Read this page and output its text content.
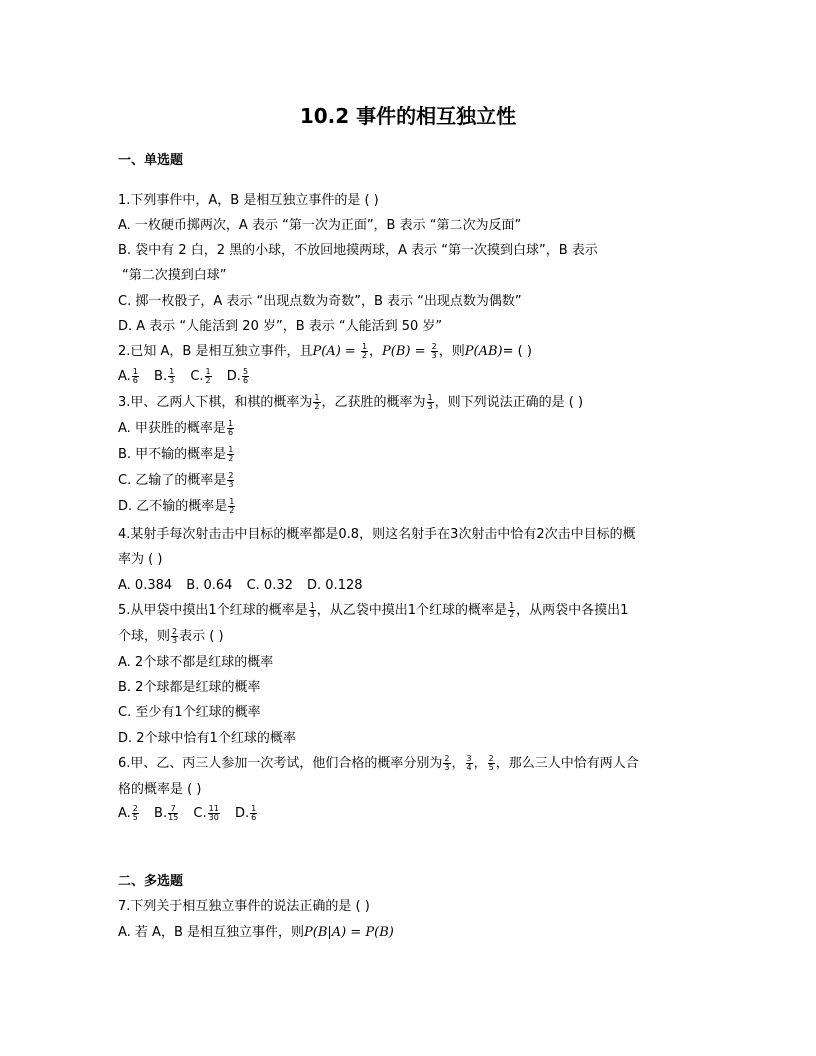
10.2 事件的相互独立性
一、单选题
1.下列事件中，A，B 是相互独立事件的是 ( )
A. 一枚硬币掷两次，A 表示 “第一次为正面”，B 表示 “第二次为反面”
B. 袋中有 2 白，2 黑的小球，不放回地摸两球，A 表示 “第一次摸到白球”，B 表示
“第二次摸到白球”
C. 掷一枚骰子，A 表示 “出现点数为奇数”，B 表示 “出现点数为偶数”
D. A 表示 “人能活到 20 岁”，B 表示 “人能活到 50 岁”
2.已知 A，B 是相互独立事件，且$P(A) = \frac{1}{2}$ ，$P(B) = \frac{2}{3}$ ，则P(AB)= ( )
A. $\frac{1}{6} B$. $\frac{1}{3} C$. $\frac{1}{2} D$. $\frac{5}{6}$
3.甲、乙两人下棋，和棋的概率为 $\frac{1}{2}$ ，乙获胜的概率为 $\frac{1}{3}$ ，则下列说法正确的是 ( )
A. 甲获胜的概率是 $\frac{1}{6}$
B. 甲不输的概率是 $\frac{1}{2}$
C. 乙输了的概率是 $\frac{2}{3}$
D. 乙不输的概率是 $\frac{1}{2}$
4.某射手每次射击击中目标的概率都是0.8，则这名射手在3次射击中恰有2次击中目标的概
率为 ( )
A. 0.384 B. 0.64 C. 0.32 D. 0.128
5.从甲袋中摸出1个红球的概率是 $\frac{1}{3}$ ，从乙袋中摸出1个红球的概率是 $\frac{1}{2}$ ，从两袋中各摸出1
个球，则 $\frac{2}{3}$ 表示 ( )
A. 2个球不都是红球的概率
B. 2个球都是红球的概率
C. 至少有1个红球的概率
D. 2个球中恰有1个红球的概率
6.甲、乙、丙三人参加一次考试，他们合格的概率分别为 $\frac{2}{3}$ ， $\frac{3}{4}$ ， $\frac{2}{5}$ ，那么三人中恰有两人合
格的概率是 ( )
A. $\frac{2}{5} B$. $\frac{7}{15} C$. $\frac{11}{30} D$. $\frac{1}{6}$
二、多选题
7.下列关于相互独立事件的说法正确的是 ( )
A. 若 A，B 是相互独立事件，则P(B|A) = P(B)
